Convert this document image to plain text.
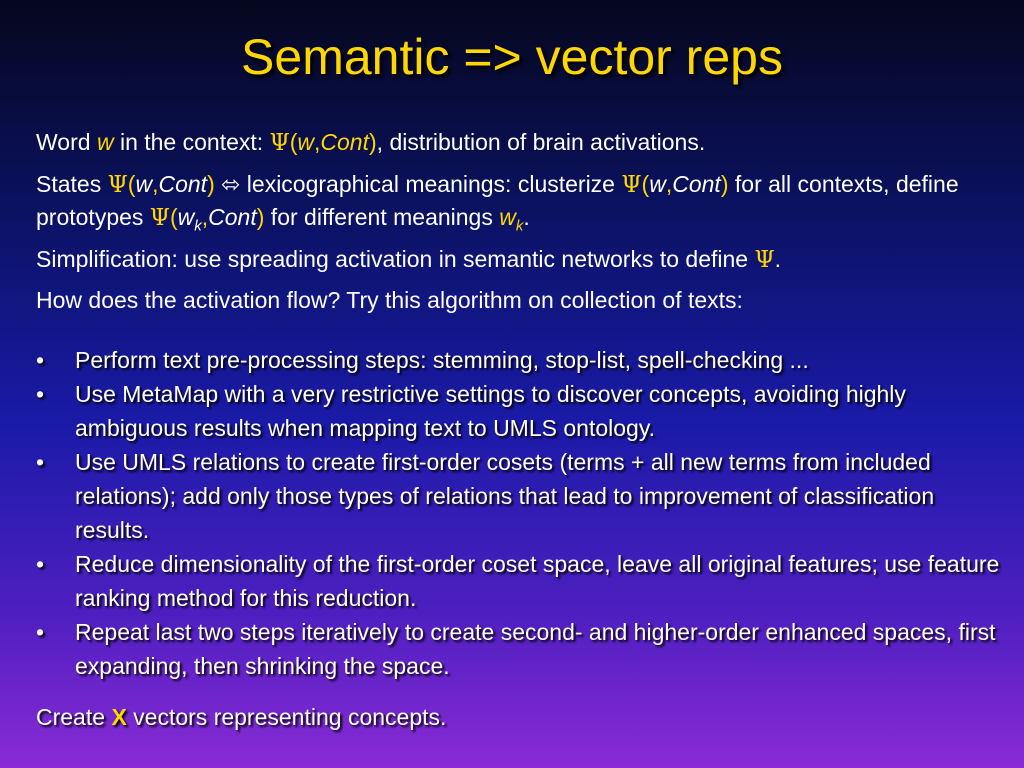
Semantic => vector reps
Word w in the context: Ψ(w,Cont), distribution of brain activations.
States Ψ(w,Cont) ⬄ lexicographical meanings: clusterize Ψ(w,Cont) for all contexts, define prototypes $\Psi(w_k,Cont)$ for different meanings $w_k$.
Simplification: use spreading activation in semantic networks to define Ψ.
How does the activation flow? Try this algorithm on collection of texts:
• Perform text pre-processing steps: stemming, stop-list, spell-checking ...
• Use MetaMap with a very restrictive settings to discover concepts, avoiding highly ambiguous results when mapping text to UMLS ontology.
• Use UMLS relations to create first-order cosets (terms + all new terms from included relations); add only those types of relations that lead to improvement of classification results.
• Reduce dimensionality of the first-order coset space, leave all original features; use feature ranking method for this reduction.
• Repeat last two steps iteratively to create second- and higher-order enhanced spaces, first expanding, then shrinking the space.
Create X vectors representing concepts.
